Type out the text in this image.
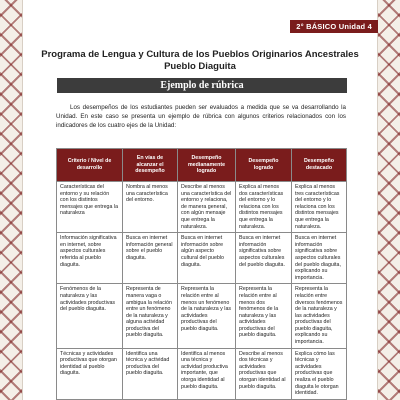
2° BÁSICO Unidad 4
Programa de Lengua y Cultura de los Pueblos Originarios Ancestrales
Pueblo Diaguita
Ejemplo de rúbrica

Los desempeños de los estudiantes pueden ser evaluados a medida que se va desarrollando la Unidad. En este caso se presenta un ejemplo de rúbrica con algunos criterios relacionados con los indicadores de los cuatro ejes de la Unidad:

Criterio / Nivel de desarrollo	En vías de alcanzar el desempeño	Desempeño medianamente logrado	Desempeño logrado	Desempeño destacado
Características del entorno y su relación con los distintos mensajes que entrega la naturaleza	Nombra al menos una característica del entorno.	Describe al menos una característica del entorno y relaciona, de manera general, con algún mensaje que entrega la naturaleza.	Explica al menos dos características del entorno y lo relaciona con los distintos mensajes que entrega la naturaleza.	Explica al menos tres características del entorno y lo relaciona con los distintos mensajes que entrega la naturaleza.
Información significativa en internet, sobre aspectos culturales referida al pueblo diaguita.	Busca en internet información general sobre el pueblo diaguita.	Busca en internet información sobre algún aspecto cultural del pueblo diaguita.	Busca en internet información significativa sobre aspectos culturales del pueblo diaguita.	Busca en internet información significativa sobre aspectos culturales del pueblo diaguita, explicando su importancia.
Fenómenos de la naturaleza y las actividades productivas del pueblo diaguita.	Representa de manera vaga o ambigua la relación entre un fenómeno de la naturaleza y alguna actividad productiva del pueblo diaguita.	Representa la relación entre al menos un fenómeno de la naturaleza y las actividades productivas del pueblo diaguita.	Representa la relación entre al menos dos fenómenos de la naturaleza y las actividades productivas del pueblo diaguita.	Representa la relación entre diversos fenómenos de la naturaleza y las actividades productivas del pueblo diaguita, explicando su importancia.
Técnicas y actividades productivas que otorgan identidad al pueblo diaguita.	Identifica una técnica y actividad productiva del pueblo diaguita.	Identifica al menos una técnica y actividad productiva importante, que otorga identidad al pueblo diaguita.	Describe al menos dos técnicas y actividades productivas que otorgan identidad al pueblo diaguita.	Explica cómo las técnicas y actividades productivas que realiza el pueblo diaguita le otorgan identidad.
